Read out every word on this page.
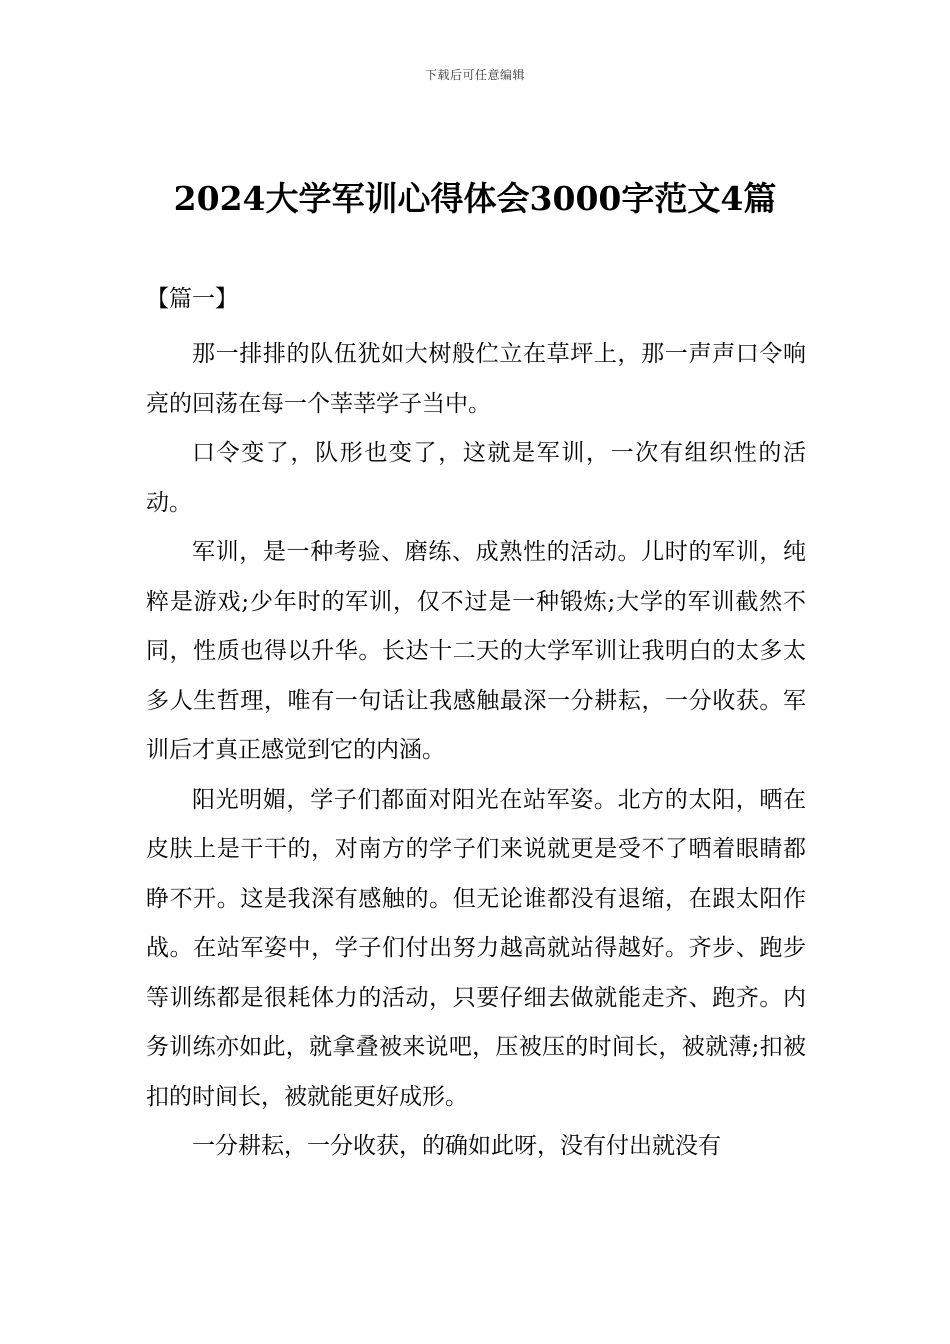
下载后可任意编辑
2024大学军训心得体会3000字范文4篇

【篇一】

那一排排的队伍犹如大树般伫立在草坪上，那一声声口令响亮的回荡在每一个莘莘学子当中。

口令变了，队形也变了，这就是军训，一次有组织性的活动。

军训，是一种考验、磨练、成熟性的活动。儿时的军训，纯粹是游戏;少年时的军训，仅不过是一种锻炼;大学的军训截然不同，性质也得以升华。长达十二天的大学军训让我明白的太多太多人生哲理，唯有一句话让我感触最深一分耕耘，一分收获。军训后才真正感觉到它的内涵。

阳光明媚，学子们都面对阳光在站军姿。北方的太阳，晒在皮肤上是干干的，对南方的学子们来说就更是受不了晒着眼睛都睁不开。这是我深有感触的。但无论谁都没有退缩，在跟太阳作战。在站军姿中，学子们付出努力越高就站得越好。齐步、跑步等训练都是很耗体力的活动，只要仔细去做就能走齐、跑齐。内务训练亦如此，就拿叠被来说吧，压被压的时间长，被就薄;扣被扣的时间长，被就能更好成形。

一分耕耘，一分收获，的确如此呀，没有付出就没有
